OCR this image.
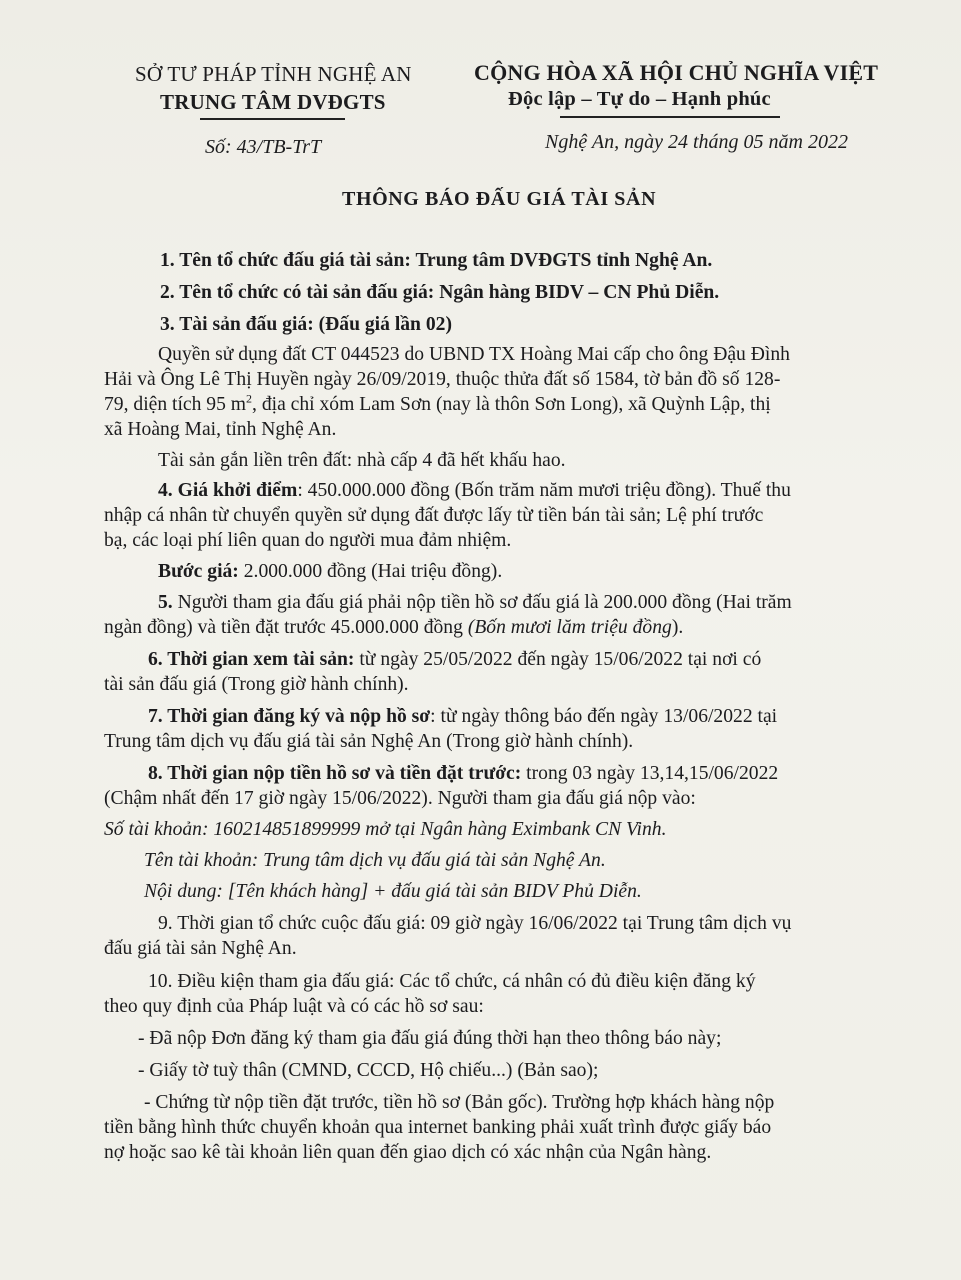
SỞ TƯ PHÁP TỈNH NGHỆ AN
TRUNG TÂM DVĐGTS
CỘNG HÒA XÃ HỘI CHỦ NGHĨA VIỆT
Độc lập – Tự do – Hạnh phúc
Số: 43/TB-TrT	Nghệ An, ngày 24 tháng 05 năm 2022
THÔNG BÁO ĐẤU GIÁ TÀI SẢN
1. Tên tổ chức đấu giá tài sản: Trung tâm DVĐGTS tỉnh Nghệ An.
2. Tên tổ chức có tài sản đấu giá: Ngân hàng BIDV – CN Phủ Diễn.
3. Tài sản đấu giá: (Đấu giá lần 02)
Quyền sử dụng đất CT 044523 do UBND TX Hoàng Mai cấp cho ông Đậu Đình
Hải và Ông Lê Thị Huyền ngày 26/09/2019, thuộc thửa đất số 1584, tờ bản đồ số 128-
79, diện tích 95 $m^2$, địa chỉ xóm Lam Sơn (nay là thôn Sơn Long), xã Quỳnh Lập, thị
xã Hoàng Mai, tỉnh Nghệ An.
Tài sản gắn liền trên đất: nhà cấp 4 đã hết khấu hao.
4. Giá khởi điểm: 450.000.000 đồng (Bốn trăm năm mươi triệu đồng). Thuế thu
nhập cá nhân từ chuyển quyền sử dụng đất được lấy từ tiền bán tài sản; Lệ phí trước
bạ, các loại phí liên quan do người mua đảm nhiệm.
Bước giá: 2.000.000 đồng (Hai triệu đồng).
5. Người tham gia đấu giá phải nộp tiền hồ sơ đấu giá là 200.000 đồng (Hai trăm
ngàn đồng) và tiền đặt trước 45.000.000 đồng (Bốn mươi lăm triệu đồng).
6. Thời gian xem tài sản: từ ngày 25/05/2022 đến ngày 15/06/2022 tại nơi có
tài sản đấu giá (Trong giờ hành chính).
7. Thời gian đăng ký và nộp hồ sơ: từ ngày thông báo đến ngày 13/06/2022 tại
Trung tâm dịch vụ đấu giá tài sản Nghệ An (Trong giờ hành chính).
8. Thời gian nộp tiền hồ sơ và tiền đặt trước: trong 03 ngày 13,14,15/06/2022
(Chậm nhất đến 17 giờ ngày 15/06/2022). Người tham gia đấu giá nộp vào:
Số tài khoản: 160214851899999 mở tại Ngân hàng Eximbank CN Vinh.
Tên tài khoản: Trung tâm dịch vụ đấu giá tài sản Nghệ An.
Nội dung: [Tên khách hàng] + đấu giá tài sản BIDV Phủ Diễn.
9. Thời gian tổ chức cuộc đấu giá: 09 giờ ngày 16/06/2022 tại Trung tâm dịch vụ
đấu giá tài sản Nghệ An.
10. Điều kiện tham gia đấu giá: Các tổ chức, cá nhân có đủ điều kiện đăng ký
theo quy định của Pháp luật và có các hồ sơ sau:
- Đã nộp Đơn đăng ký tham gia đấu giá đúng thời hạn theo thông báo này;
- Giấy tờ tuỳ thân (CMND, CCCD, Hộ chiếu...) (Bản sao);
- Chứng từ nộp tiền đặt trước, tiền hồ sơ (Bản gốc). Trường hợp khách hàng nộp
tiền bằng hình thức chuyển khoản qua internet banking phải xuất trình được giấy báo
nợ hoặc sao kê tài khoản liên quan đến giao dịch có xác nhận của Ngân hàng.
